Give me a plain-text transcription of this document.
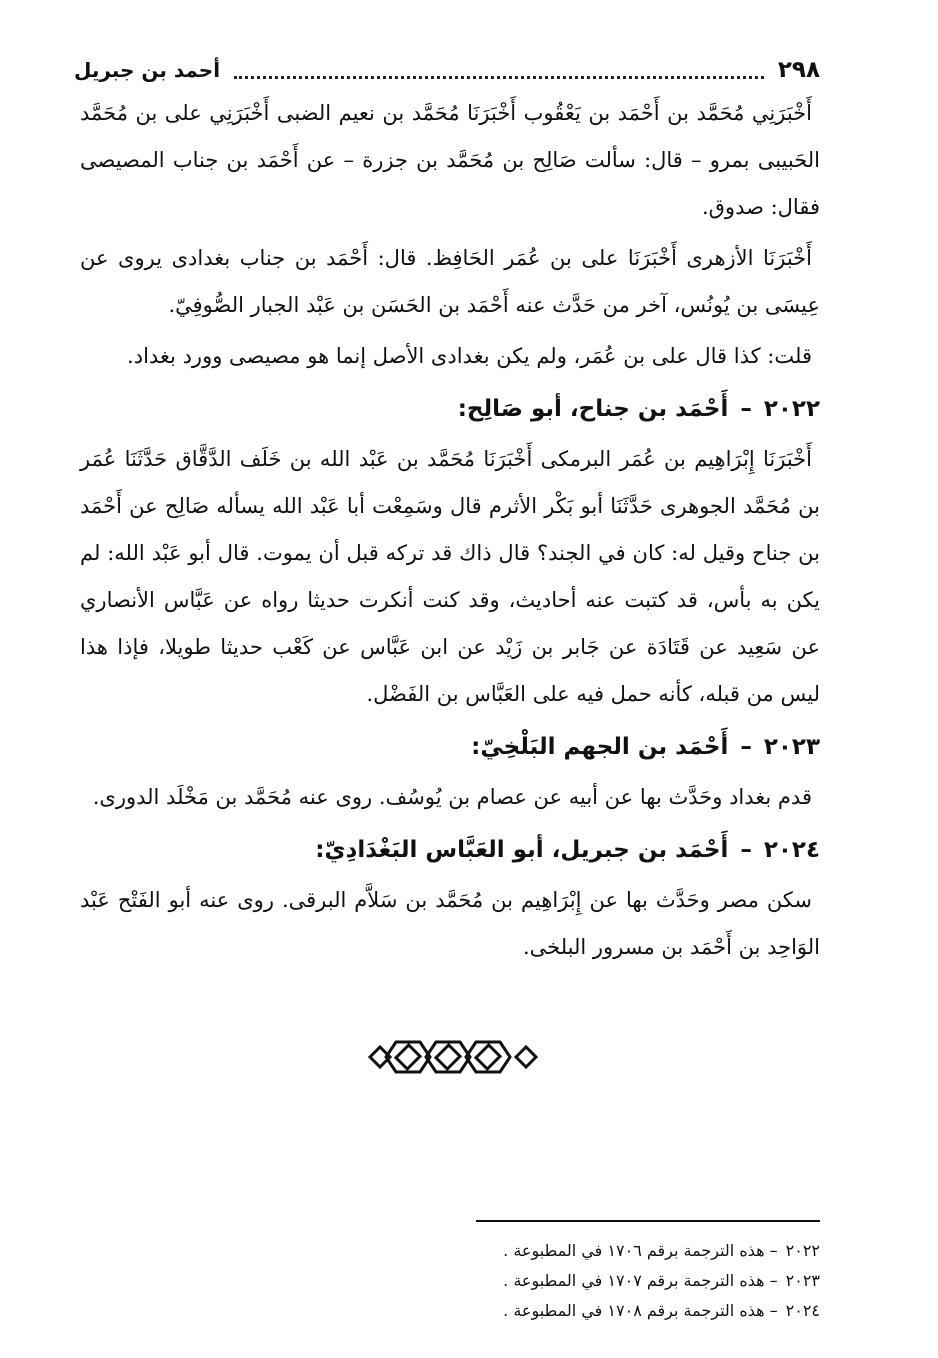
٢٩٨
أحمد بن جبريل

أَخْبَرَنِي مُحَمَّد بن أَحْمَد بن يَعْقُوب أَخْبَرَنَا مُحَمَّد بن نعيم الضبى أَخْبَرَنِي على بن مُحَمَّد الحَبيبى بمرو – قال: سألت صَالِح بن مُحَمَّد بن جزرة – عن أَحْمَد بن جناب المصيصى فقال: صدوق.

أَخْبَرَنَا الأزهرى أَخْبَرَنَا على بن عُمَر الحَافِظ. قال: أَحْمَد بن جناب بغدادى يروى عن عِيسَى بن يُونُس، آخر من حَدَّث عنه أَحْمَد بن الحَسَن بن عَبْد الجبار الصُّوفِيّ.

قلت: كذا قال على بن عُمَر، ولم يكن بغدادى الأصل إنما هو مصيصى وورد بغداد.

٢٠٢٢
–
أَحْمَد بن جناح، أبو صَالِح:

أَخْبَرَنَا إِبْرَاهِيم بن عُمَر البرمكى أَخْبَرَنَا مُحَمَّد بن عَبْد الله بن خَلَف الدَّقَّاق حَدَّثَنَا عُمَر بن مُحَمَّد الجوهرى حَدَّثَنَا أبو بَكْر الأثرم قال وسَمِعْت أبا عَبْد الله يسأله صَالِح عن أَحْمَد بن جناح وقيل له: كان في الجند؟ قال ذاك قد تركه قبل أن يموت. قال أبو عَبْد الله: لم يكن به بأس، قد كتبت عنه أحاديث، وقد كنت أنكرت حديثا رواه عن عَبَّاس الأنصاري عن سَعِيد عن قَتَادَة عن جَابر بن زَيْد عن ابن عَبَّاس عن كَعْب حديثا طويلا، فإذا هذا ليس من قبله، كأنه حمل فيه على العَبَّاس بن الفَضْل.

٢٠٢٣
–
أَحْمَد بن الجهم البَلْخِيّ:

قدم بغداد وحَدَّث بها عن أبيه عن عصام بن يُوسُف. روى عنه مُحَمَّد بن مَخْلَد الدورى.

٢٠٢٤
–
أَحْمَد بن جبريل، أبو العَبَّاس البَغْدَادِيّ:

سكن مصر وحَدَّث بها عن إِبْرَاهِيم بن مُحَمَّد بن سَلاَّم البرقى. روى عنه أبو الفَتْح عَبْد الوَاحِد بن أَحْمَد بن مسرور البلخى.

٢٠٢٢
– هذه الترجمة برقم ١٧٠٦ في المطبوعة .
٢٠٢٣
– هذه الترجمة برقم ١٧٠٧ في المطبوعة .
٢٠٢٤
– هذه الترجمة برقم ١٧٠٨ في المطبوعة .
